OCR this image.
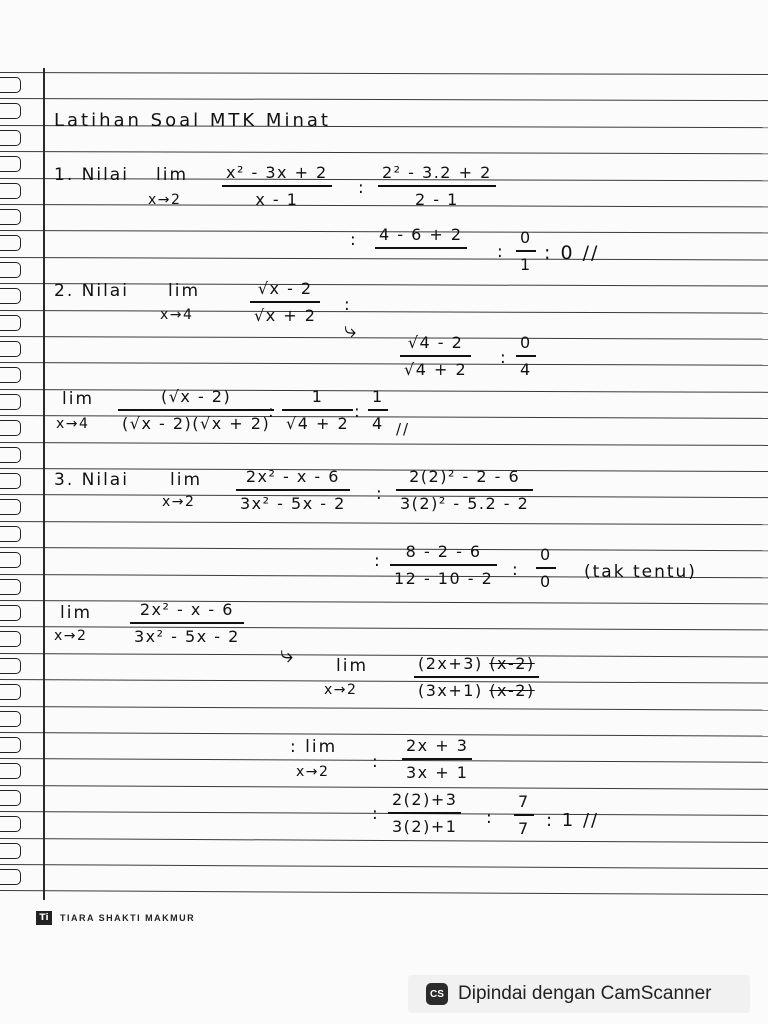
Latihan Soal MTK Minat
1. Nilai lim
x→2
x² - 3x + 2
x - 1
:
2² - 3.2 + 2
2 - 1
: 4 - 6 + 2
:
0
1 : 0 //
2. Nilai lim
x→4
√x - 2
√x + 2 :
⤷	√4 - 2
√4 + 2
:
0
4
lim
x→4
(√x - 2)
(√x - 2)(√x + 2)
:
1
√4 + 2
:
1
4 //
3. Nilai lim
x→2
2x² - x - 6
3x² - 5x - 2 :
2(2)² - 2 - 6
3(2)² - 5.2 - 2
: 8 - 2 - 6
12 - 10 - 2 :
0
0 (tak tentu)
lim
x→2
2x² - x - 6
3x² - 5x - 2
⤷ lim
x→2
(2x+3) (x-2)
(3x+1) (x-2)
: lim
x→2	:
2x + 3
3x + 1
:
2(2)+3
3(2)+1 :
7
7 : 1 //
Ti	TIARA SHAKTI MAKMUR
CS Dipindai dengan CamScanner
